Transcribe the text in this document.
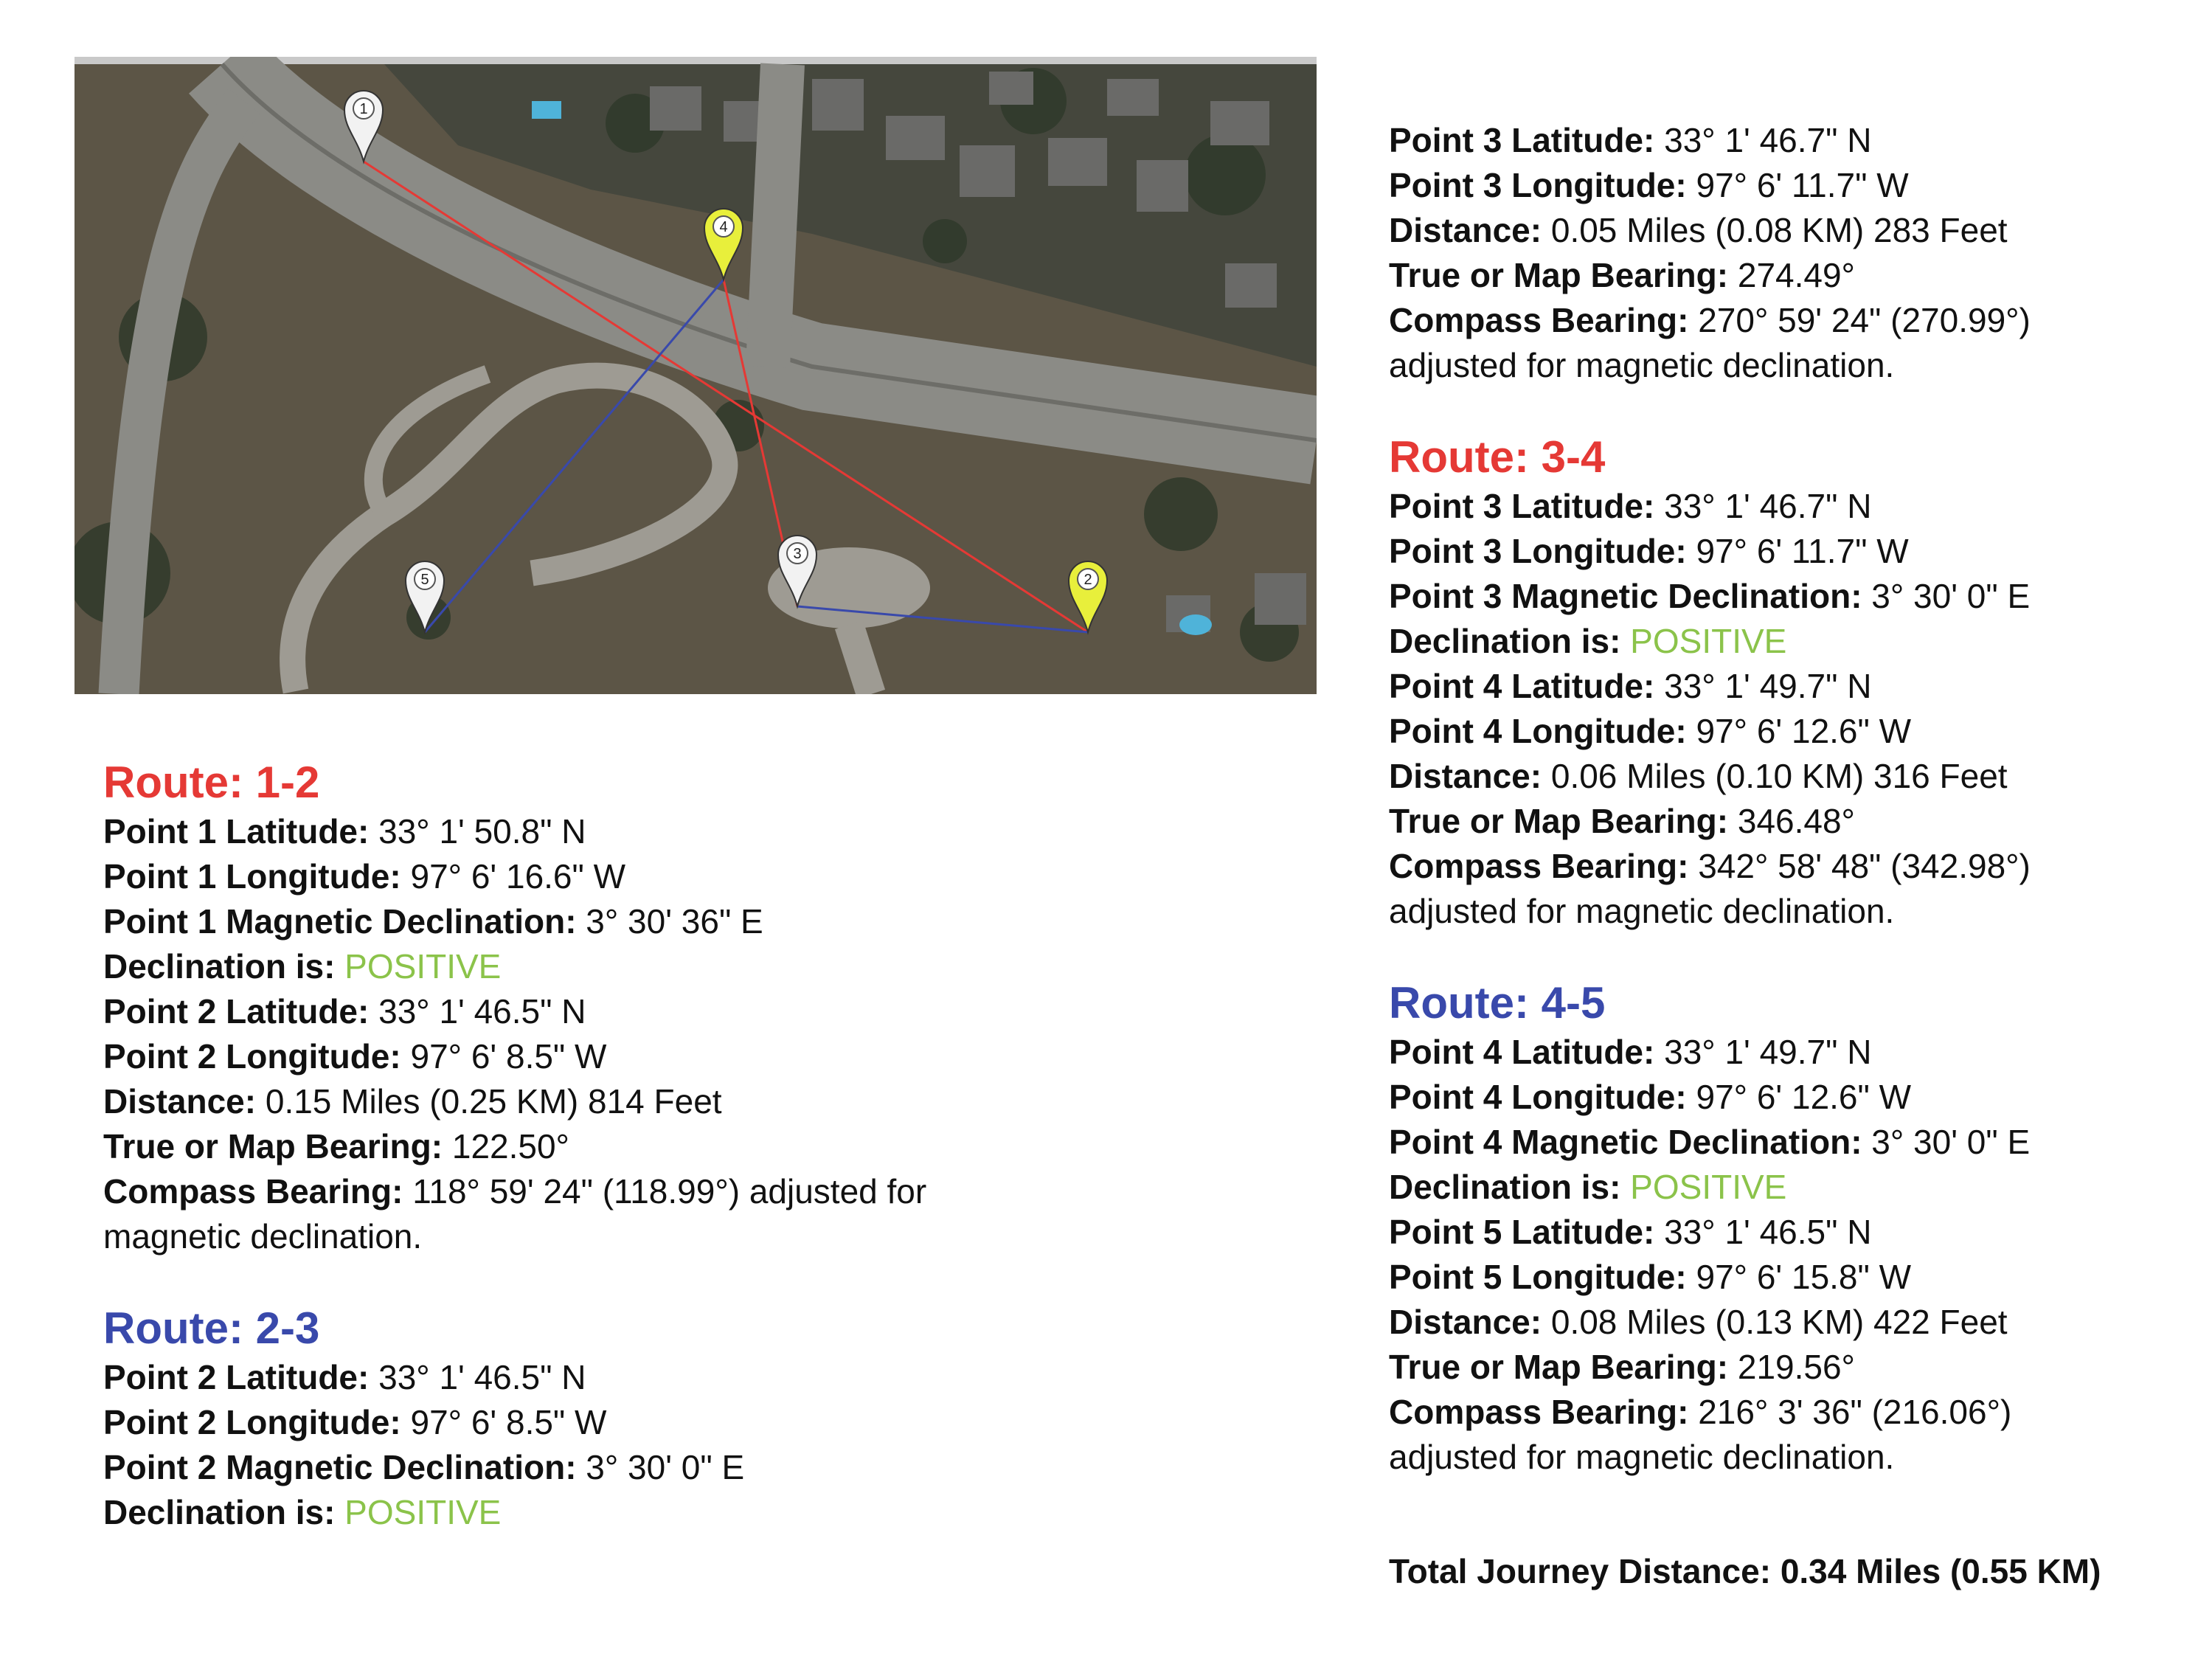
1
2
3
4
5
Route: 1-2
Point 1 Latitude: 33° 1' 50.8" N
Point 1 Longitude: 97° 6' 16.6" W
Point 1 Magnetic Declination: 3° 30' 36" E
Declination is: POSITIVE
Point 2 Latitude: 33° 1' 46.5" N
Point 2 Longitude: 97° 6' 8.5" W
Distance: 0.15 Miles (0.25 KM) 814 Feet
True or Map Bearing: 122.50°
Compass Bearing: 118° 59' 24" (118.99°) adjusted for magnetic declination.
Route: 2-3
Point 2 Latitude: 33° 1' 46.5" N
Point 2 Longitude: 97° 6' 8.5" W
Point 2 Magnetic Declination: 3° 30' 0" E
Declination is: POSITIVE
Point 3 Latitude: 33° 1' 46.7" N
Point 3 Longitude: 97° 6' 11.7" W
Distance: 0.05 Miles (0.08 KM) 283 Feet
True or Map Bearing: 274.49°
Compass Bearing: 270° 59' 24" (270.99°) adjusted for magnetic declination.
Route: 3-4
Point 3 Latitude: 33° 1' 46.7" N
Point 3 Longitude: 97° 6' 11.7" W
Point 3 Magnetic Declination: 3° 30' 0" E
Declination is: POSITIVE
Point 4 Latitude: 33° 1' 49.7" N
Point 4 Longitude: 97° 6' 12.6" W
Distance: 0.06 Miles (0.10 KM) 316 Feet
True or Map Bearing: 346.48°
Compass Bearing: 342° 58' 48" (342.98°) adjusted for magnetic declination.
Route: 4-5
Point 4 Latitude: 33° 1' 49.7" N
Point 4 Longitude: 97° 6' 12.6" W
Point 4 Magnetic Declination: 3° 30' 0" E
Declination is: POSITIVE
Point 5 Latitude: 33° 1' 46.5" N
Point 5 Longitude: 97° 6' 15.8" W
Distance: 0.08 Miles (0.13 KM) 422 Feet
True or Map Bearing: 219.56°
Compass Bearing: 216° 3' 36" (216.06°) adjusted for magnetic declination.
Total Journey Distance: 0.34 Miles (0.55 KM)
